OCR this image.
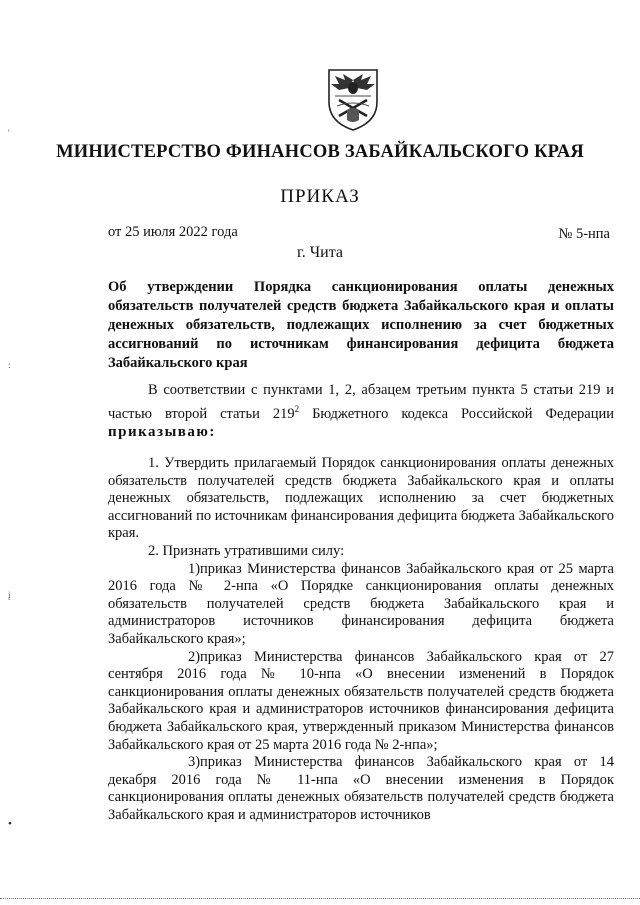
МИНИСТЕРСТВО ФИНАНСОВ ЗАБАЙКАЛЬСКОГО КРАЯ
ПРИКАЗ
от 25 июля 2022 года	№ 5-нпа
г. Чита
Об утверждении Порядка санкционирования оплаты денежных обязательств получателей средств бюджета Забайкальского края и оплаты денежных обязательств, подлежащих исполнению за счет бюджетных ассигнований по источникам финансирования дефицита бюджета Забайкальского края
В соответствии с пунктами 1, 2, абзацем третьим пункта 5 статьи 219 и частью второй статьи $219^2$ Бюджетного кодекса Российской Федерации приказываю:

1. Утвердить прилагаемый Порядок санкционирования оплаты денежных обязательств получателей средств бюджета Забайкальского края и оплаты денежных обязательств, подлежащих исполнению за счет бюджетных ассигнований по источникам финансирования дефицита бюджета Забайкальского края.

2. Признать утратившими силу:

1)приказ Министерства финансов Забайкальского края от 25 марта 2016 года № 2-нпа «О Порядке санкционирования оплаты денежных обязательств получателей средств бюджета Забайкальского края и администраторов источников финансирования дефицита бюджета Забайкальского края»;

2)приказ Министерства финансов Забайкальского края от 27 сентября 2016 года № 10-нпа «О внесении изменений в Порядок санкционирования оплаты денежных обязательств получателей средств бюджета Забайкальского края и администраторов источников финансирования дефицита бюджета Забайкальского края, утвержденный приказом Министерства финансов Забайкальского края от 25 марта 2016 года № 2-нпа»;

3)приказ Министерства финансов Забайкальского края от 14 декабря 2016 года № 11-нпа «О внесении изменения в Порядок санкционирования оплаты денежных обязательств получателей средств бюджета Забайкальского края и администраторов источников

'
:
į
•
